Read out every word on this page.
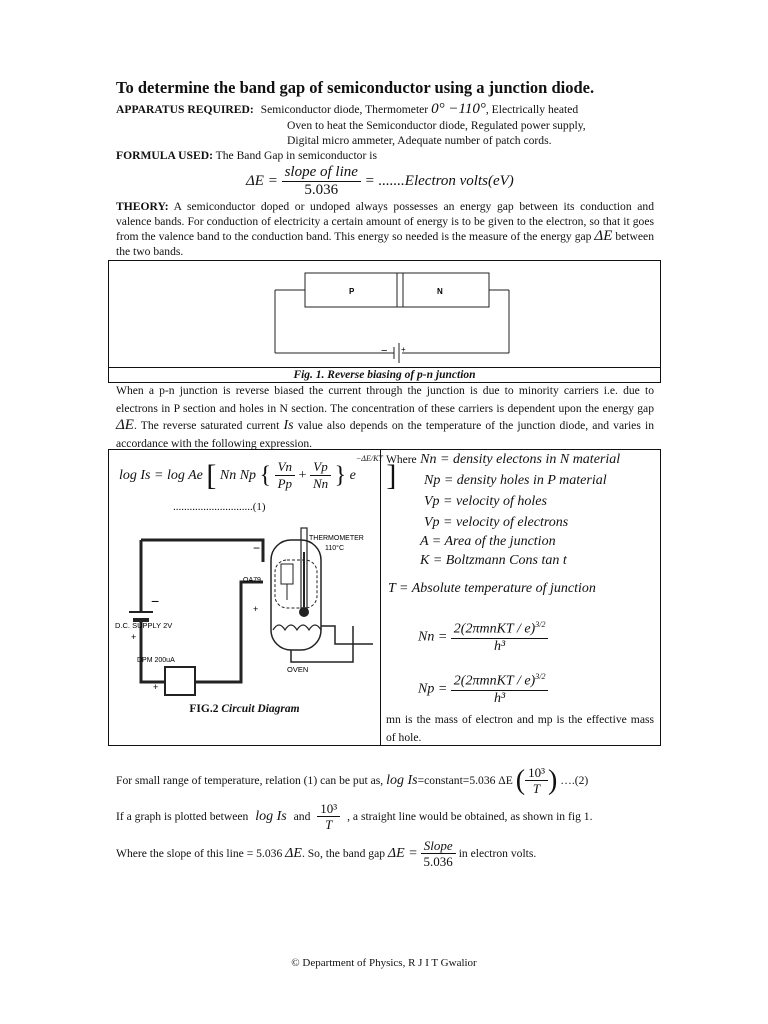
To determine the band gap of semiconductor using a junction diode.
APPARATUS REQUIRED: Semiconductor diode, Thermometer 0° −110°, Electrically heated
Oven to heat the Semiconductor diode, Regulated power supply,
Digital micro ammeter, Adequate number of patch cords.
FORMULA USED: The Band Gap in semiconductor is
$\Delta E = \frac{\text{slope of line}}{5.036}$ = .......Electron volts(eV)
THEORY: A semiconductor doped or undoped always possesses an energy gap between its conduction and valence bands. For conduction of electricity a certain amount of energy is to be given to the electron, so that it goes from the valence band to the conduction band. This energy so needed is the measure of the energy gap ΔE between the two bands.
P	N
− +
Fig. 1. Reverse biasing of p-n junction
When a p-n junction is reverse biased the current through the junction is due to minority carriers i.e. due to electrons in P section and holes in N section. The concentration of these carriers is dependent upon the energy gap ΔE. The reverse saturated current Is value also depends on the temperature of the junction diode, and varies in accordance with the following expression.
log Is = log Ae [ Nn Np { $\frac{Vn}{Pp} + \frac{Vp}{Nn}$ } $e^{-\Delta E/KT}$ ]
.............................(1)
−
+
D.C. SUPPLY 2V
DPM 200uA
+
THERMOMETER
110°C
OA79
−
+
OVEN
FIG.2 Circuit Diagram
Where Nn = density electons in N material
Np = density holes in P material
Vp = velocity of holes
Vp = velocity of electrons
A = Area of the junction
K = Boltzmann Cons tan t
T = Absolute temperature of junction
$Nn = \frac{2(2\pi mnKT / e)^{3/2}}{\text{h³}}$
$Np = \frac{2(2\pi mnKT / e)^{3/2}}{\text{h³}}$
mn is the mass of electron and mp is the effective mass of hole.
For small range of temperature, relation (1) can be put as, log Is=constant=5.036 ΔE ( $\frac{\text{10³}}{T}$ ) ….(2)
If a graph is plotted between log Is and $\frac{\text{10³}}{T}$ , a straight line would be obtained, as shown in fig 1.
Where the slope of this line = 5.036 ΔE. So, the band gap $\Delta E = \frac{\text{Slope}}{5.036}$ in electron volts.
© Department of Physics, R J I T Gwalior
